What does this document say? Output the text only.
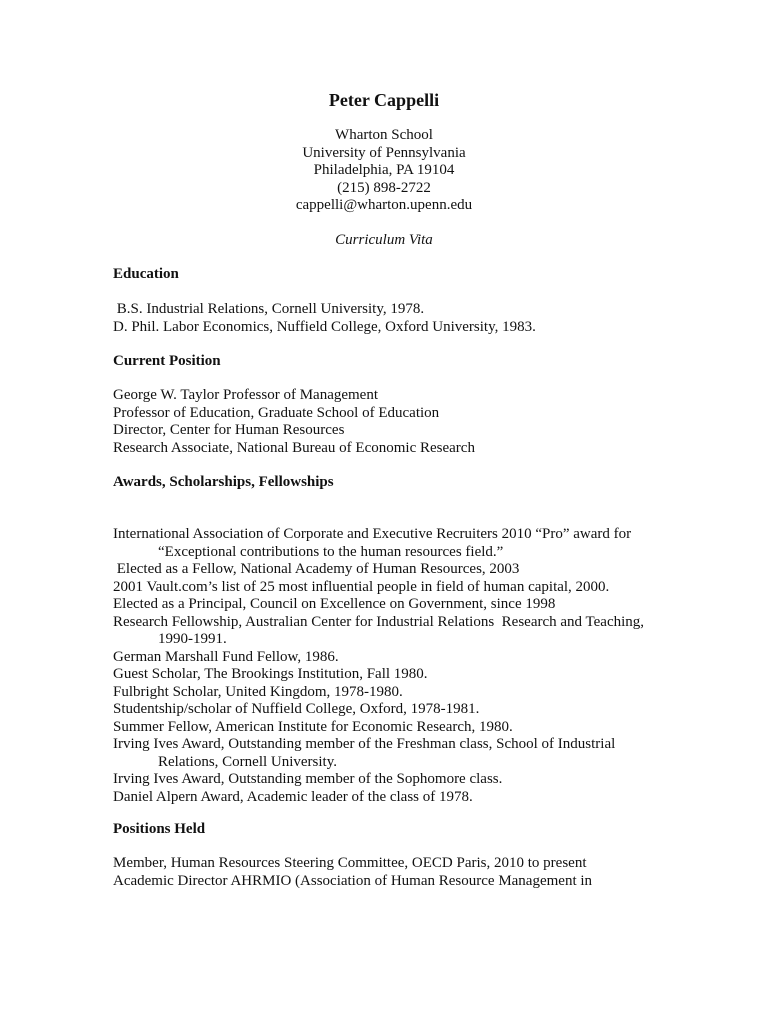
Peter Cappelli
Wharton School
University of Pennsylvania
Philadelphia, PA 19104
(215) 898-2722
cappelli@wharton.upenn.edu
Curriculum Vita
Education
B.S. Industrial Relations, Cornell University, 1978.
D. Phil. Labor Economics, Nuffield College, Oxford University, 1983.
Current Position
George W. Taylor Professor of Management
Professor of Education, Graduate School of Education
Director, Center for Human Resources
Research Associate, National Bureau of Economic Research
Awards, Scholarships, Fellowships
International Association of Corporate and Executive Recruiters 2010 “Pro” award for
“Exceptional contributions to the human resources field.”
Elected as a Fellow, National Academy of Human Resources, 2003
2001 Vault.com’s list of 25 most influential people in field of human capital, 2000.
Elected as a Principal, Council on Excellence on Government, since 1998
Research Fellowship, Australian Center for Industrial Relations  Research and Teaching,
1990-1991.
German Marshall Fund Fellow, 1986.
Guest Scholar, The Brookings Institution, Fall 1980.
Fulbright Scholar, United Kingdom, 1978-1980.
Studentship/scholar of Nuffield College, Oxford, 1978-1981.
Summer Fellow, American Institute for Economic Research, 1980.
Irving Ives Award, Outstanding member of the Freshman class, School of Industrial
Relations, Cornell University.
Irving Ives Award, Outstanding member of the Sophomore class.
Daniel Alpern Award, Academic leader of the class of 1978.
Positions Held
Member, Human Resources Steering Committee, OECD Paris, 2010 to present
Academic Director AHRMIO (Association of Human Resource Management in
